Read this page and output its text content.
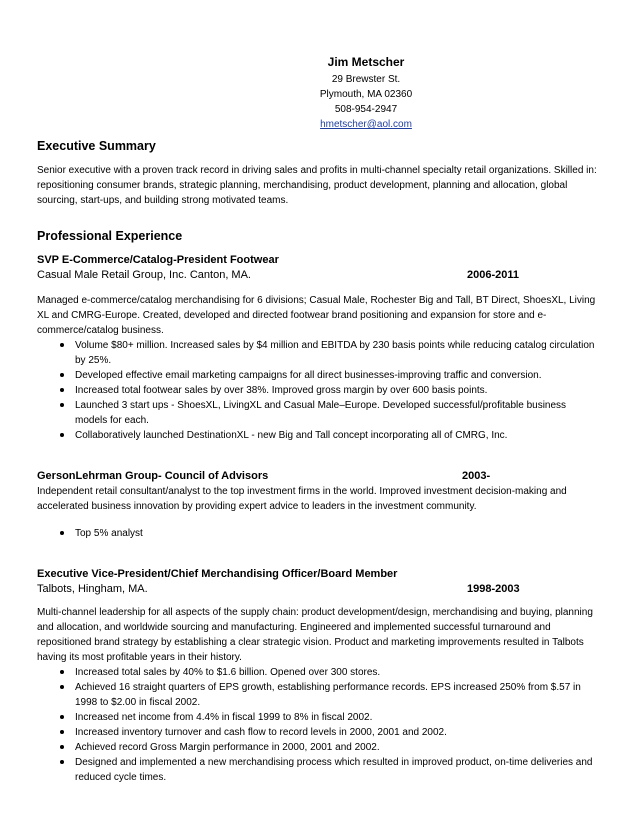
Jim Metscher
29 Brewster St.
Plymouth, MA 02360
508-954-2947
hmetscher@aol.com
Executive Summary

Senior executive with a proven track record in driving sales and profits in multi-channel specialty retail organizations. Skilled in: repositioning consumer brands, strategic planning, merchandising, product development, planning and allocation, global sourcing, start-ups, and building strong motivated teams.

Professional Experience
SVP E-Commerce/Catalog-President Footwear
Casual Male Retail Group, Inc. Canton, MA.	2006-2011

Managed e-commerce/catalog merchandising for 6 divisions; Casual Male, Rochester Big and Tall, BT Direct, ShoesXL, Living XL and CMRG-Europe. Created, developed and directed footwear brand positioning and expansion for store and e-commerce/catalog business.

Volume $80+ million. Increased sales by $4 million and EBITDA by 230 basis points while reducing catalog circulation by 25%.
Developed effective email marketing campaigns for all direct businesses-improving traffic and conversion.
Increased total footwear sales by over 38%. Improved gross margin by over 600 basis points.
Launched 3 start ups - ShoesXL, LivingXL and Casual Male–Europe. Developed successful/profitable business models for each.
Collaboratively launched DestinationXL - new Big and Tall concept incorporating all of CMRG, Inc.
GersonLehrman Group- Council of Advisors	2003-

Independent retail consultant/analyst to the top investment firms in the world. Improved investment decision-making and accelerated business innovation by providing expert advice to leaders in the investment community.

Top 5% analyst
Executive Vice-President/Chief Merchandising Officer/Board Member
Talbots, Hingham, MA.	1998-2003

Multi-channel leadership for all aspects of the supply chain: product development/design, merchandising and buying, planning and allocation, and worldwide sourcing and manufacturing. Engineered and implemented successful turnaround and repositioned brand strategy by establishing a clear strategic vision. Product and marketing improvements resulted in Talbots having its most profitable years in their history.

Increased total sales by 40% to $1.6 billion. Opened over 300 stores.
Achieved 16 straight quarters of EPS growth, establishing performance records. EPS increased 250% from $.57 in 1998 to $2.00 in fiscal 2002.
Increased net income from 4.4% in fiscal 1999 to 8% in fiscal 2002.
Increased inventory turnover and cash flow to record levels in 2000, 2001 and 2002.
Achieved record Gross Margin performance in 2000, 2001 and 2002.
Designed and implemented a new merchandising process which resulted in improved product, on-time deliveries and reduced cycle times.
